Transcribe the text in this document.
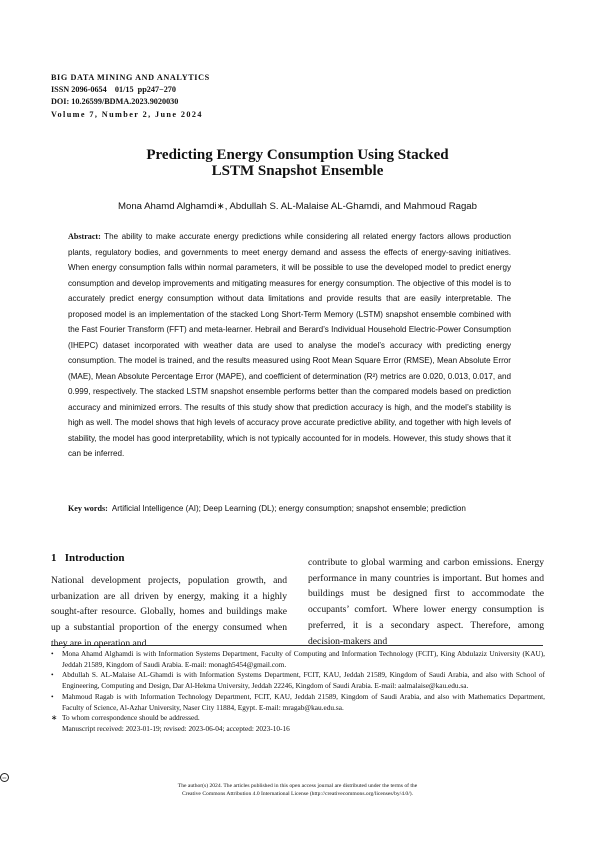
BIG DATA MINING AND ANALYTICS
ISSN 2096-0654    01/15  pp247−270
DOI: 10.26599/BDMA.2023.9020030
Volume 7, Number 2, June 2024
Predicting Energy Consumption Using Stacked
LSTM Snapshot Ensemble
Mona Ahamd Alghamdi∗, Abdullah S. AL-Malaise AL-Ghamdi, and Mahmoud Ragab
Abstract: The ability to make accurate energy predictions while considering all related energy factors allows production plants, regulatory bodies, and governments to meet energy demand and assess the effects of energy-saving initiatives. When energy consumption falls within normal parameters, it will be possible to use the developed model to predict energy consumption and develop improvements and mitigating measures for energy consumption. The objective of this model is to accurately predict energy consumption without data limitations and provide results that are easily interpretable. The proposed model is an implementation of the stacked Long Short-Term Memory (LSTM) snapshot ensemble combined with the Fast Fourier Transform (FFT) and meta-learner. Hebrail and Berard’s Individual Household Electric-Power Consumption (IHEPC) dataset incorporated with weather data are used to analyse the model’s accuracy with predicting energy consumption. The model is trained, and the results measured using Root Mean Square Error (RMSE), Mean Absolute Error (MAE), Mean Absolute Percentage Error (MAPE), and coefficient of determination (R²) metrics are 0.020, 0.013, 0.017, and 0.999, respectively. The stacked LSTM snapshot ensemble performs better than the compared models based on prediction accuracy and minimized errors. The results of this study show that prediction accuracy is high, and the model’s stability is high as well. The model shows that high levels of accuracy prove accurate predictive ability, and together with high levels of stability, the model has good interpretability, which is not typically accounted for in models. However, this study shows that it can be inferred.
Key words:  Artificial Intelligence (AI); Deep Learning (DL); energy consumption; snapshot ensemble; prediction
1   Introduction
National development projects, population growth, and urbanization are all driven by energy, making it a highly sought-after resource. Globally, homes and buildings make up a substantial proportion of the energy consumed when they are in operation and
contribute to global warming and carbon emissions. Energy performance in many countries is important. But homes and buildings must be designed first to accommodate the occupants’ comfort. Where lower energy consumption is preferred, it is a secondary aspect. Therefore, among decision-makers and
• Mona Ahamd Alghamdi is with Information Systems Department, Faculty of Computing and Information Technology (FCIT), King Abdulaziz University (KAU), Jeddah 21589, Kingdom of Saudi Arabia. E-mail: monagh5454@gmail.com.
• Abdullah S. AL-Malaise AL-Ghamdi is with Information Systems Department, FCIT, KAU, Jeddah 21589, Kingdom of Saudi Arabia, and also with School of Engineering, Computing and Design, Dar Al-Hekma University, Jeddah 22246, Kingdom of Saudi Arabia. E-mail: aalmalaise@kau.edu.sa.
• Mahmoud Ragab is with Information Technology Department, FCIT, KAU, Jeddah 21589, Kingdom of Saudi Arabia, and also with Mathematics Department, Faculty of Science, Al-Azhar University, Naser City 11884, Egypt. E-mail: mragab@kau.edu.sa.
∗ To whom correspondence should be addressed.
Manuscript received: 2023-01-19; revised: 2023-06-04; accepted: 2023-10-16
cc
The author(s) 2024. The articles published in this open access journal are distributed under the terms of the
Creative Commons Attribution 4.0 International License (http://creativecommons.org/licenses/by/4.0/).
